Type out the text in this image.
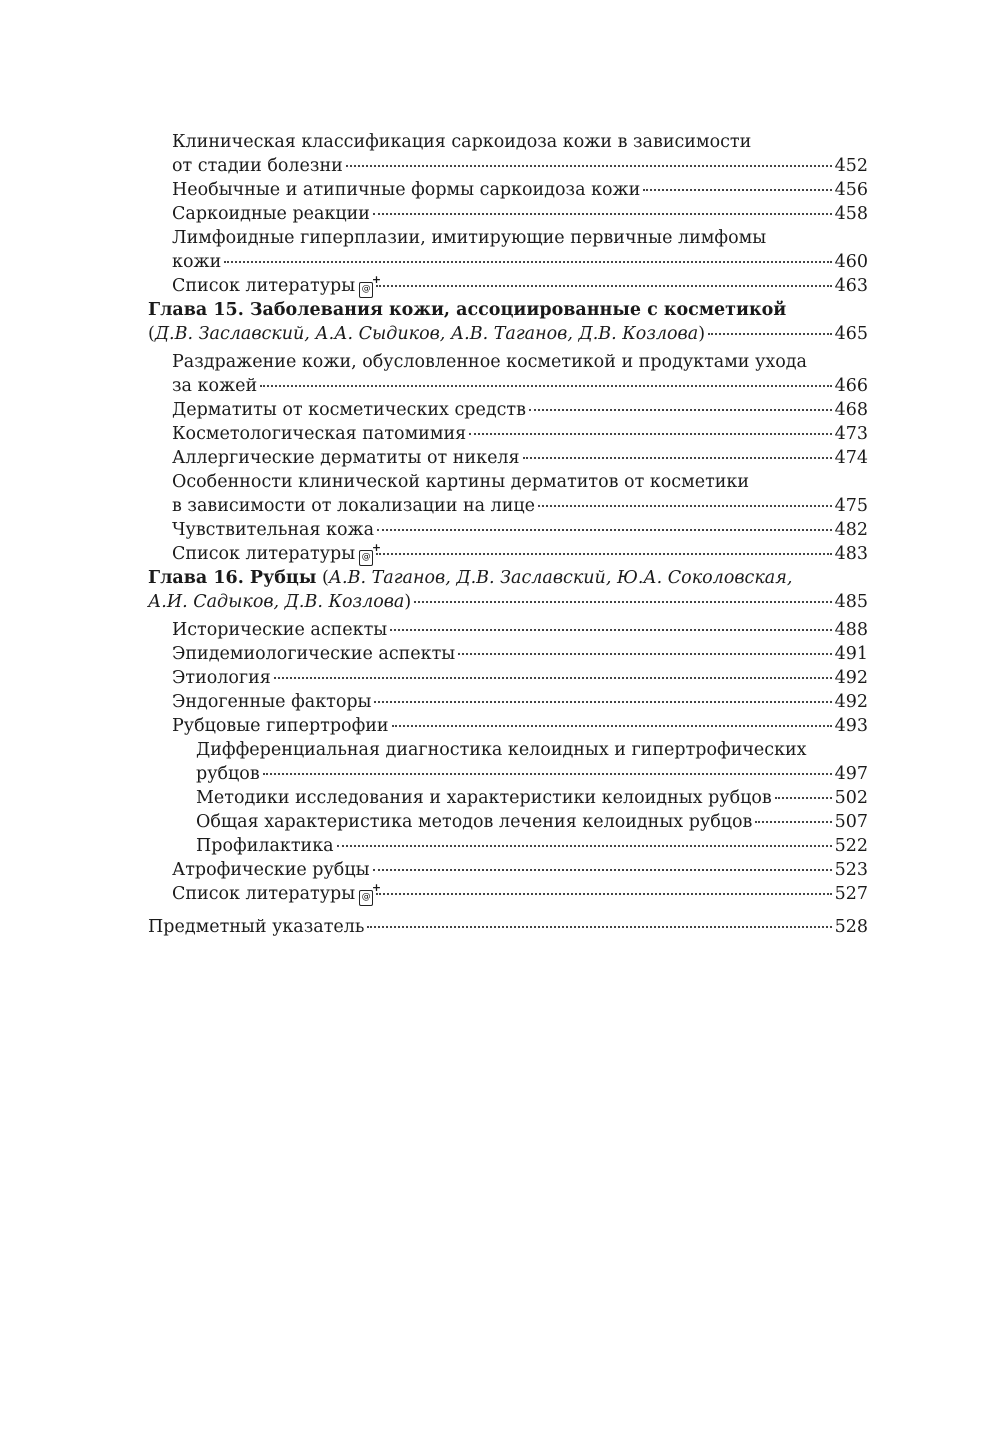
Клиническая классификация саркоидоза кожи в зависимости
от стадии болезни	452
Необычные и атипичные формы саркоидоза кожи	456
Саркоидные реакции	458
Лимфоидные гиперплазии, имитирующие первичные лимфомы
кожи	460
Список литературы @ +	463
Глава 15. Заболевания кожи, ассоциированные с косметикой
(Д.В. Заславский, А.А. Сыдиков, А.В. Таганов, Д.В. Козлова)	465
Раздражение кожи, обусловленное косметикой и продуктами ухода
за кожей	466
Дерматиты от косметических средств	468
Косметологическая патомимия	473
Аллергические дерматиты от никеля	474
Особенности клинической картины дерматитов от косметики
в зависимости от локализации на лице	475
Чувствительная кожа	482
Список литературы @ +	483
Глава 16. Рубцы (А.В. Таганов, Д.В. Заславский, Ю.А. Соколовская,
А.И. Садыков, Д.В. Козлова)	485
Исторические аспекты	488
Эпидемиологические аспекты	491
Этиология	492
Эндогенные факторы	492
Рубцовые гипертрофии	493
Дифференциальная диагностика келоидных и гипертрофических
рубцов	497
Методики исследования и характеристики келоидных рубцов	502
Общая характеристика методов лечения келоидных рубцов	507
Профилактика	522
Атрофические рубцы	523
Список литературы @ +	527
Предметный указатель	528
